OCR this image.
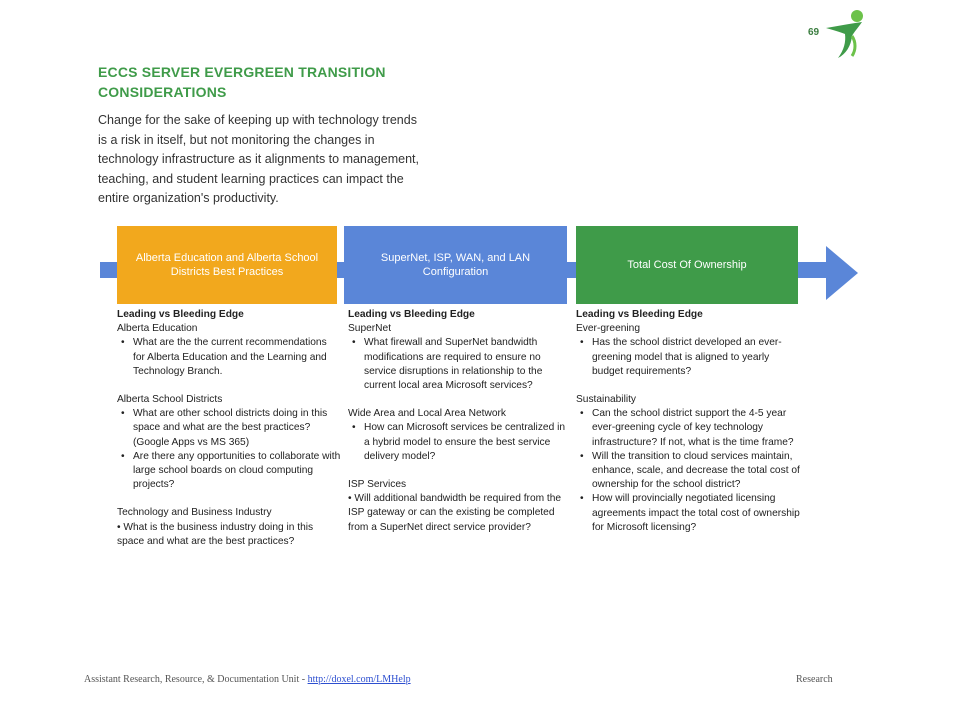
69
ECCS SERVER EVERGREEN TRANSITION
CONSIDERATIONS
Change for the sake of keeping up with technology trends
is a risk in itself, but not monitoring the changes in
technology infrastructure as it alignments to management,
teaching, and student learning practices can impact the
entire organization's productivity.
Alberta Education and Alberta School Districts Best Practices
SuperNet, ISP, WAN, and LAN Configuration
Total Cost Of Ownership
Leading vs Bleeding Edge
Alberta Education
• What are the the current recommendations for Alberta Education and the Learning and Technology Branch.
Alberta School Districts
• What are other school districts doing in this space and what are the best practices? (Google Apps vs MS 365)
• Are there any opportunities to collaborate with large school boards on cloud computing projects?
Technology and Business Industry
• What is the business industry doing in this space and what are the best practices?
Leading vs Bleeding Edge
SuperNet
• What firewall and SuperNet bandwidth modifications are required to ensure no service disruptions in relationship to the current local area Microsoft services?
Wide Area and Local Area Network
• How can Microsoft services be centralized in a hybrid model to ensure the best service delivery model?
ISP Services
• Will additional bandwidth be required from the ISP gateway or can the existing be completed from a SuperNet direct service provider?
Leading vs Bleeding Edge
Ever-greening
• Has the school district developed an ever-greening model that is aligned to yearly budget requirements?
Sustainability
• Can the school district support the 4-5 year ever-greening cycle of key technology infrastructure? If not, what is the time frame?
• Will the transition to cloud services maintain, enhance, scale, and decrease the total cost of ownership for the school district?
• How will provincially negotiated licensing agreements impact the total cost of ownership for Microsoft licensing?
Assistant Research, Resource, & Documentation Unit - http://doxel.com/LMHelp	Research
